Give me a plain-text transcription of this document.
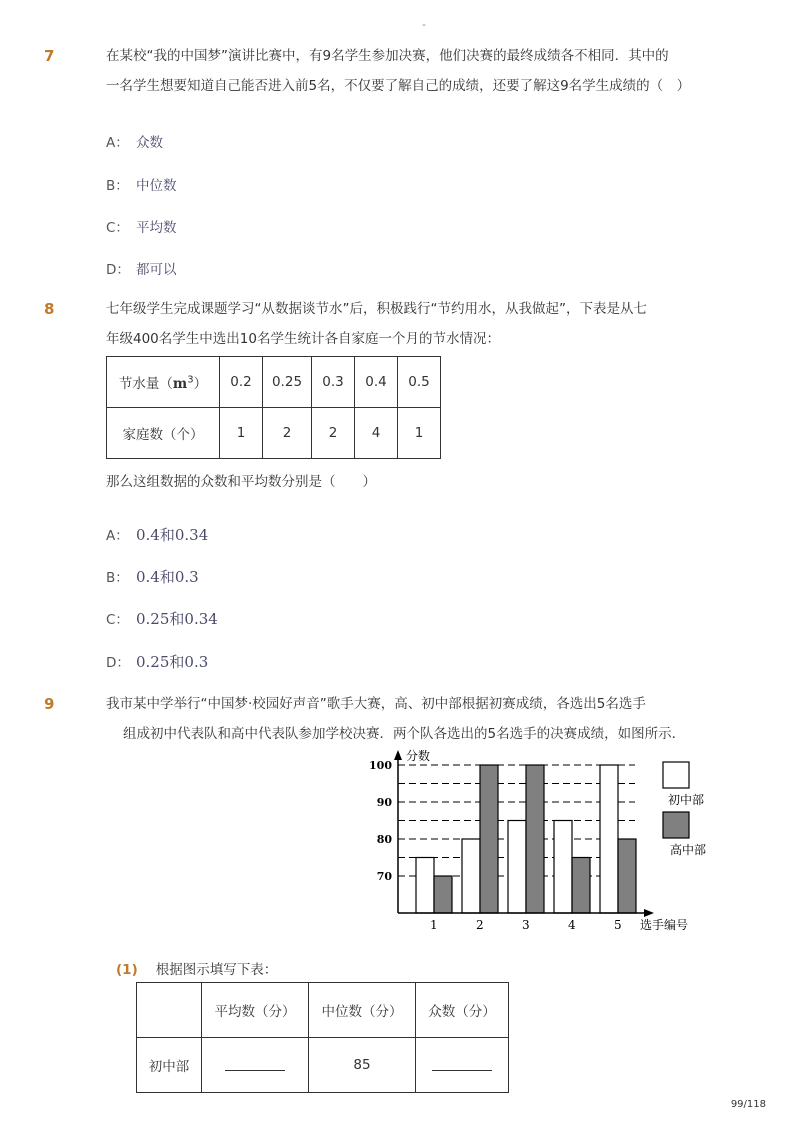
-
7	在某校“我的中国梦”演讲比赛中，有9名学生参加决赛，他们决赛的最终成绩各不相同．其中的
一名学生想要知道自己能否进入前5名，不仅要了解自己的成绩，还要了解这9名学生成绩的（　）
A： 众数
B： 中位数
C： 平均数
D： 都可以
8	七年级学生完成课题学习“从数据谈节水”后，积极践行“节约用水，从我做起”，下表是从七
年级400名学生中选出10名学生统计各自家庭一个月的节水情况：
节水量$(m^3)$	0.2	0.25	0.3	0.4	0.5
家庭数（个）	1	2	2	4	1
那么这组数据的众数和平均数分别是（　　）
A： 0.4和0.34
B： 0.4和0.3
C： 0.25和0.34
D： 0.25和0.3
9	我市某中学举行“中国梦·校园好声音”歌手大赛，高、初中部根据初赛成绩，各选出5名选手
组成初中代表队和高中代表队参加学校决赛．两个队各选出的5名选手的决赛成绩，如图所示．
1	2	3	4	5
70
80
90
100
初中部
高中部
分数
选手编号
(1) 根据图示填写下表：
	平均数（分）	中位数（分）	众数（分）
初中部		85	
99/118
